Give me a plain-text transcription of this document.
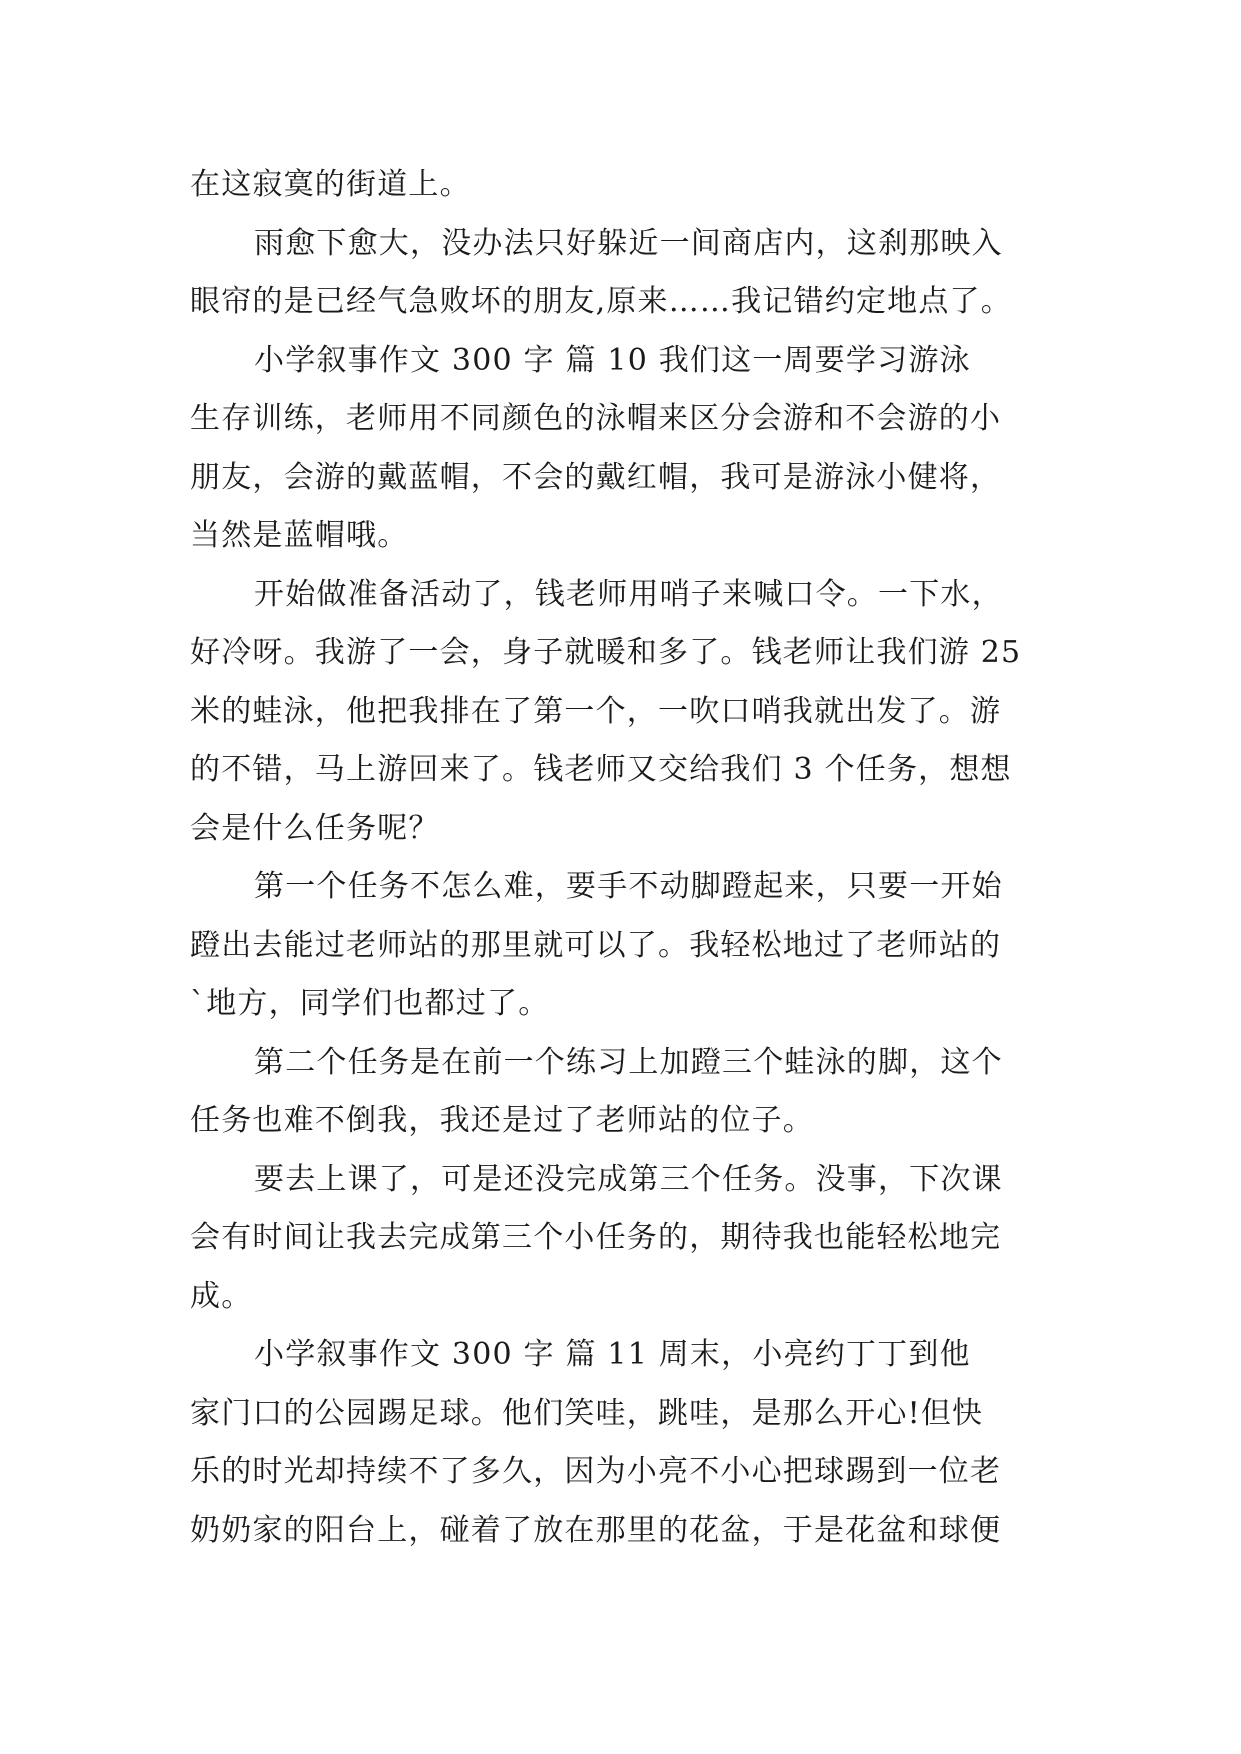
在这寂寞的街道上。
雨愈下愈大，没办法只好躲近一间商店内，这刹那映入
眼帘的是已经气急败坏的朋友,原来……我记错约定地点了。
小学叙事作文 300 字 篇 10 我们这一周要学习游泳
生存训练，老师用不同颜色的泳帽来区分会游和不会游的小
朋友，会游的戴蓝帽，不会的戴红帽，我可是游泳小健将，
当然是蓝帽哦。
开始做准备活动了，钱老师用哨子来喊口令。一下水，
好冷呀。我游了一会，身子就暖和多了。钱老师让我们游 25
米的蛙泳，他把我排在了第一个，一吹口哨我就出发了。游
的不错，马上游回来了。钱老师又交给我们 3 个任务，想想
会是什么任务呢？
第一个任务不怎么难，要手不动脚蹬起来，只要一开始
蹬出去能过老师站的那里就可以了。我轻松地过了老师站的
`地方，同学们也都过了。
第二个任务是在前一个练习上加蹬三个蛙泳的脚，这个
任务也难不倒我，我还是过了老师站的位子。
要去上课了，可是还没完成第三个任务。没事，下次课
会有时间让我去完成第三个小任务的，期待我也能轻松地完
成。
小学叙事作文 300 字 篇 11 周末，小亮约丁丁到他
家门口的公园踢足球。他们笑哇，跳哇，是那么开心!但快
乐的时光却持续不了多久，因为小亮不小心把球踢到一位老
奶奶家的阳台上，碰着了放在那里的花盆，于是花盆和球便
